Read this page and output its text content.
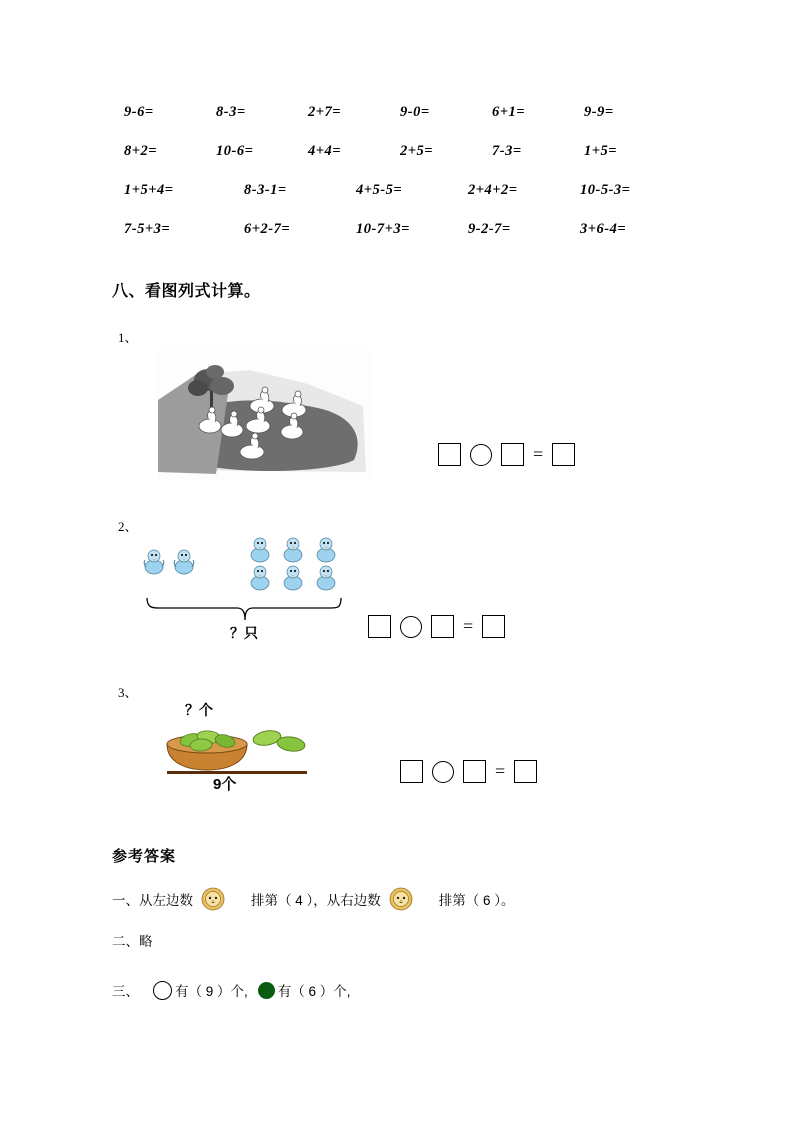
9-6=	8-3=	2+7=	9-0=	6+1=	9-9=
8+2=	10-6=	4+4=	2+5=	7-3=	1+5=
1+5+4=	8-3-1=	4+5-5=	2+4+2=	10-5-3=
7-5+3=	6+2-7=	10-7+3=	9-2-7=	3+6-4=
八、看图列式计算。
1、
=
2、
？只	=
3、
？个
9个
=
参考答案
一、从左边数	排第（ 4 ），从右边数	排第（ 6 ）。
二、略
三、	有（ 9 ）个, 有（ 6 ）个,
